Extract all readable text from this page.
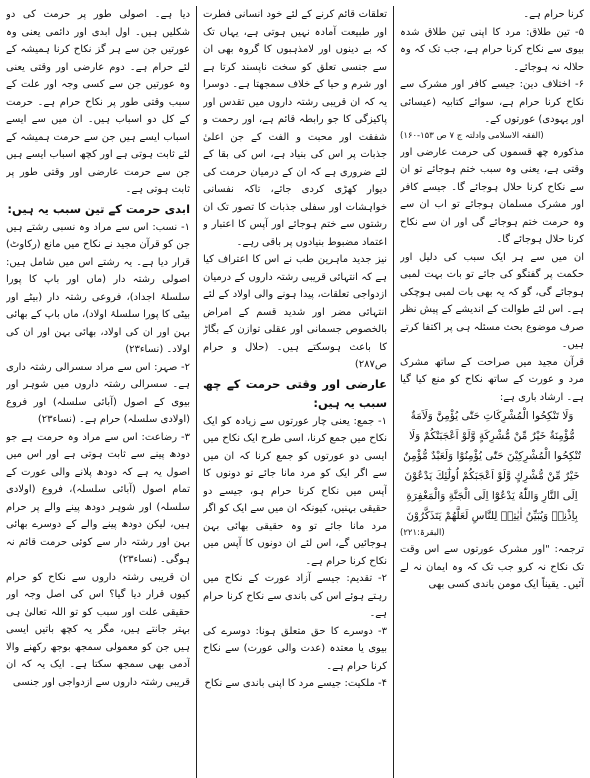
دیا ہے۔ اصولی طور پر حرمت کی دو شکلیں ہیں۔ اول ابدی اور دائمی یعنی وہ عورتیں جن سے ہر گز نکاح کرنا ہمیشہ کے لئے حرام ہے۔ دوم عارضی اور وقتی یعنی وہ عورتیں جن سے کسی وجہ اور علت کے سبب وقتی طور پر نکاح حرام ہے۔ حرمت کے کل دو اسباب ہیں۔ ان میں سے ایسے اسباب ایسے ہیں جن سے حرمت ہمیشہ کے لئے ثابت ہوتی ہے اور کچھ اسباب ایسے ہیں جن سے حرمت عارضی اور وقتی طور پر ثابت ہوتی ہے۔

ابدی حرمت کے تین سبب یہ ہیں:

۱- نسب: اس سے مراد وہ نسبی رشتے ہیں جن کو قرآن مجید نے نکاح میں مانع (رکاوٹ) قرار دیا ہے۔ یہ رشتے اس میں شامل ہیں: اصولی رشتہ دار (ماں اور باپ کا پورا سلسلۂ اجداد)، فروعی رشتہ دار (بیٹے اور بیٹی کا پورا سلسلۂ اولاد)، ماں باپ کے بھائی بہن اور ان کی اولاد، بھائی بہن اور ان کی اولاد۔ (نساء۲۳)

۲- صہر: اس سے مراد سسرالی رشتہ داری ہے۔ سسرالی رشتہ داروں میں شوہر اور بیوی کے اصول (آبائی سلسلہ) اور فروع (اولادی سلسلہ) حرام ہے۔ (نساء۲۳)

۳- رضاعت: اس سے مراد وہ حرمت ہے جو دودھ پینے سے ثابت ہوتی ہے اور اس میں اصول یہ ہے کہ دودھ پلانے والی عورت کے تمام اصول (آبائی سلسلہ)، فروع (اولادی سلسلہ) اور شوہر دودھ پینے والے پر حرام ہیں، لیکن دودھ پینے والے کے دوسرے بھائی بہن اور رشتہ دار سے کوئی حرمت قائم نہ ہوگی۔ (نساء۲۳)

ان قریبی رشتہ داروں سے نکاح کو حرام کیوں قرار دیا گیا؟ اس کی اصل وجہ اور حقیقی علت اور سبب کو تو اللہ تعالیٰ ہی بہتر جانتے ہیں، مگر یہ کچھ باتیں ایسی ہیں جن کو معمولی سمجھ بوجھ رکھنے والا آدمی بھی سمجھ سکتا ہے۔ ایک یہ کہ ان قریبی رشتہ داروں سے ازدواجی اور جنسی

تعلقات قائم کرنے کے لئے خود انسانی فطرت اور طبیعت آمادہ نہیں ہوتی ہے، یہاں تک کہ بے دینوں اور لامذہبوں کا گروہ بھی ان سے جنسی تعلق کو سخت ناپسند کرتا ہے اور شرم و حیا کے خلاف سمجھتا ہے۔ دوسرا یہ کہ ان قریبی رشتہ داروں میں تقدس اور پاکیزگی کا جو رابطہ قائم ہے، اور رحمت و شفقت اور محبت و الفت کے جن اعلیٰ جذبات پر اس کی بنیاد ہے، اس کی بقا کے لئے ضروری ہے کہ ان کے درمیان حرمت کی دیوار کھڑی کردی جائے، تاکہ نفسانی خواہشات اور سفلی جذبات کا تصور تک ان رشتوں سے ختم ہوجائے اور آپس کا اعتبار و اعتماد مضبوط بنیادوں پر باقی رہے۔

نیز جدید ماہرین طب نے اس کا اعتراف کیا ہے کہ انتہائی قریبی رشتہ داروں کے درمیان ازدواجی تعلقات، پیدا ہونے والی اولاد کے لئے انتہائی مضر اور شدید قسم کے امراض بالخصوص جسمانی اور عقلی توازن کے بگاڑ کا باعث ہوسکتے ہیں۔ (حلال و حرام ص۲۸۷)

عارضی اور وقتی حرمت کے چھ سبب یہ ہیں:

۱- جمع: یعنی چار عورتوں سے زیادہ کو ایک نکاح میں جمع کرنا، اسی طرح ایک نکاح میں ایسی دو عورتوں کو جمع کرنا کہ ان میں سے اگر ایک کو مرد مانا جائے تو دونوں کا آپس میں نکاح کرنا حرام ہو، جیسے دو حقیقی بہنیں، کیونکہ ان میں سے ایک کو اگر مرد مانا جائے تو وہ حقیقی بھائی بہن ہوجائیں گے، اس لئے ان دونوں کا آپس میں نکاح کرنا حرام ہے۔

۲- تقدیم: جیسے آزاد عورت کے نکاح میں رہتے ہوئے اس کی باندی سے نکاح کرنا حرام ہے۔

۳- دوسرے کا حق متعلق ہونا: دوسرے کی بیوی یا معتدہ (عدت والی عورت) سے نکاح کرنا حرام ہے۔

۴- ملکیت: جیسے مرد کا اپنی باندی سے نکاح

کرنا حرام ہے۔

۵- تین طلاق: مرد کا اپنی تین طلاق شدہ بیوی سے نکاح کرنا حرام ہے، جب تک کہ وہ حلالہ نہ ہوجائے۔

۶- اختلاف دین: جیسے کافر اور مشرک سے نکاح کرنا حرام ہے، سوائے کتابیہ (عیسائی اور یہودی) عورتوں کے۔

(الفقہ الاسلامی وادلتہ ج ۷ ص ۱۵۳-۱۶۰)

مذکورہ چھ قسموں کی حرمت عارضی اور وقتی ہے، یعنی وہ سبب ختم ہوجائے تو ان سے نکاح کرنا حلال ہوجائے گا۔ جیسے کافر اور مشرک مسلمان ہوجائے تو اب ان سے وہ حرمت ختم ہوجائے گی اور ان سے نکاح کرنا حلال ہوجائے گا۔

ان میں سے ہر ایک سبب کی دلیل اور حکمت پر گفتگو کی جائے تو بات بہت لمبی ہوجائے گی، گو کہ یہ بھی بات لمبی ہوچکی ہے۔ اس لئے طوالت کے اندیشے کے پیش نظر صرف موضوع بحث مسئلہ ہی پر اکتفا کرتے ہیں۔

قرآن مجید میں صراحت کے ساتھ مشرک مرد و عورت کے ساتھ نکاح کو منع کیا گیا ہے۔ ارشاد باری ہے:

وَلَا تَنْكِحُوا الْمُشْرِكَاتِ حَتّٰى يُؤْمِنَّ وَلَاَمَةٌ مُّؤْمِنَةٌ خَيْرٌ مِّنْ مُّشْرِكَةٍ وَّلَوْ اَعْجَبَتْكُمْ وَلَا تُنْكِحُوا الْمُشْرِكِيْنَ حَتّٰى يُؤْمِنُوْا وَلَعَبْدٌ مُّؤْمِنٌ خَيْرٌ مِّنْ مُّشْرِكٍ وَّلَوْ اَعْجَبَكُمْ اُولٰٓئِكَ يَدْعُوْنَ اِلَى النَّارِ وَاللّٰهُ يَدْعُوْٓا اِلَى الْجَنَّةِ وَالْمَغْفِرَةِ بِاِذْنِهٖ وَيُبَيِّنُ اٰيٰتِهٖ لِلنَّاسِ لَعَلَّهُمْ يَتَذَكَّرُوْنَ

(البقرۃ:۲۲۱)

ترجمہ: "اور مشرک عورتوں سے اس وقت تک نکاح نہ کرو جب تک کہ وہ ایمان نہ لے آئیں۔ یقیناً ایک مومن باندی کسی بھی
